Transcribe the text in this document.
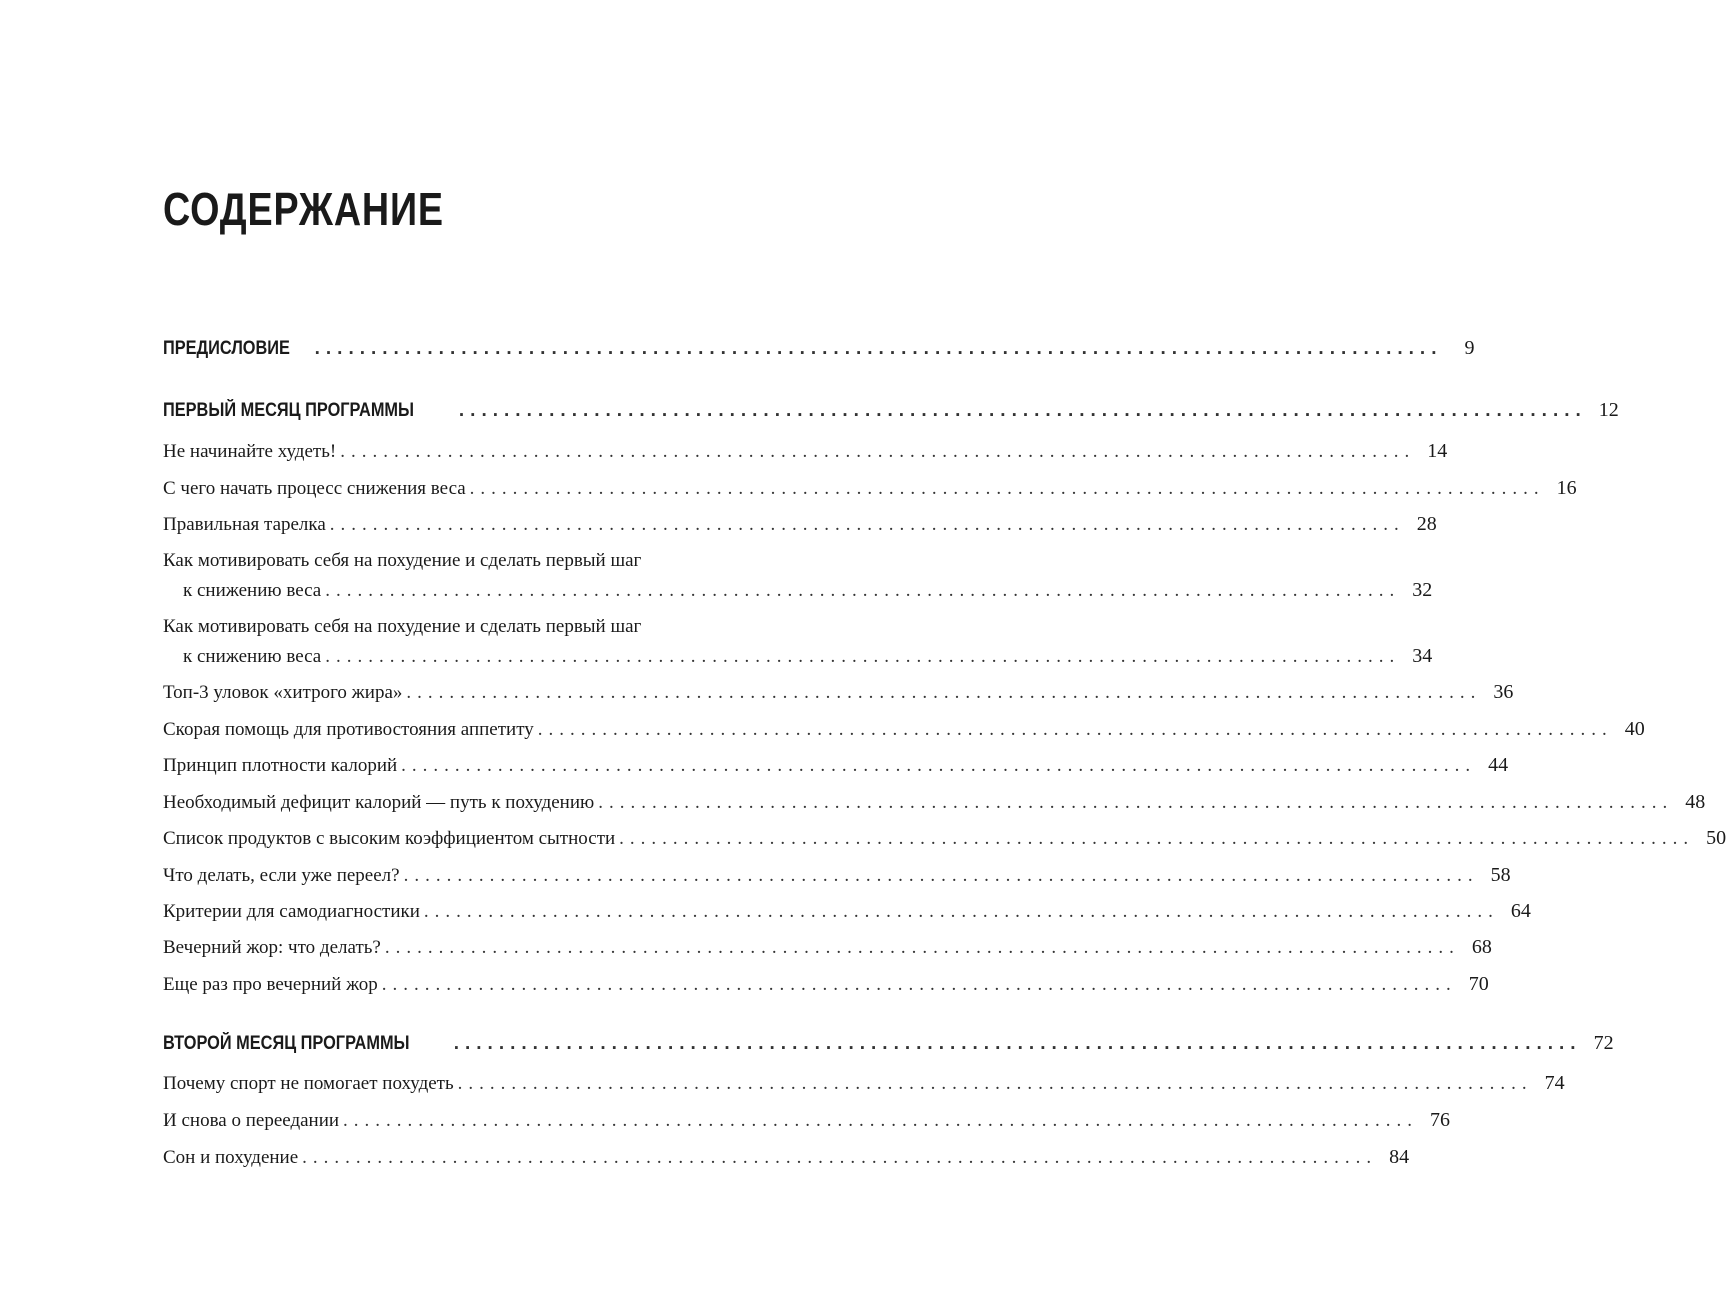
СОДЕРЖАНИЕ
ПРЕДИСЛОВИЕ ....................................................................................................	9
ПЕРВЫЙ МЕСЯЦ ПРОГРАММЫ .................................................................................................... 12
Не начинайте худеть! .................................................................................................... 14
С чего начать процесс снижения веса .................................................................................................... 16
Правильная тарелка .................................................................................................... 28
Как мотивировать себя на похудение и сделать первый шаг
к снижению веса .................................................................................................... 32
Как мотивировать себя на похудение и сделать первый шаг
к снижению веса .................................................................................................... 34
Топ-3 уловок «хитрого жира» .................................................................................................... 36
Скорая помощь для противостояния аппетиту .................................................................................................... 40
Принцип плотности калорий .................................................................................................... 44
Необходимый дефицит калорий — путь к похудению .................................................................................................... 48
Список продуктов с высоким коэффициентом сытности .................................................................................................... 50
Что делать, если уже переел? .................................................................................................... 58
Критерии для самодиагностики .................................................................................................... 64
Вечерний жор: что делать? .................................................................................................... 68
Еще раз про вечерний жор .................................................................................................... 70
ВТОРОЙ МЕСЯЦ ПРОГРАММЫ .................................................................................................... 72
Почему спорт не помогает похудеть .................................................................................................... 74
И снова о переедании .................................................................................................... 76
Сон и похудение .................................................................................................... 84
